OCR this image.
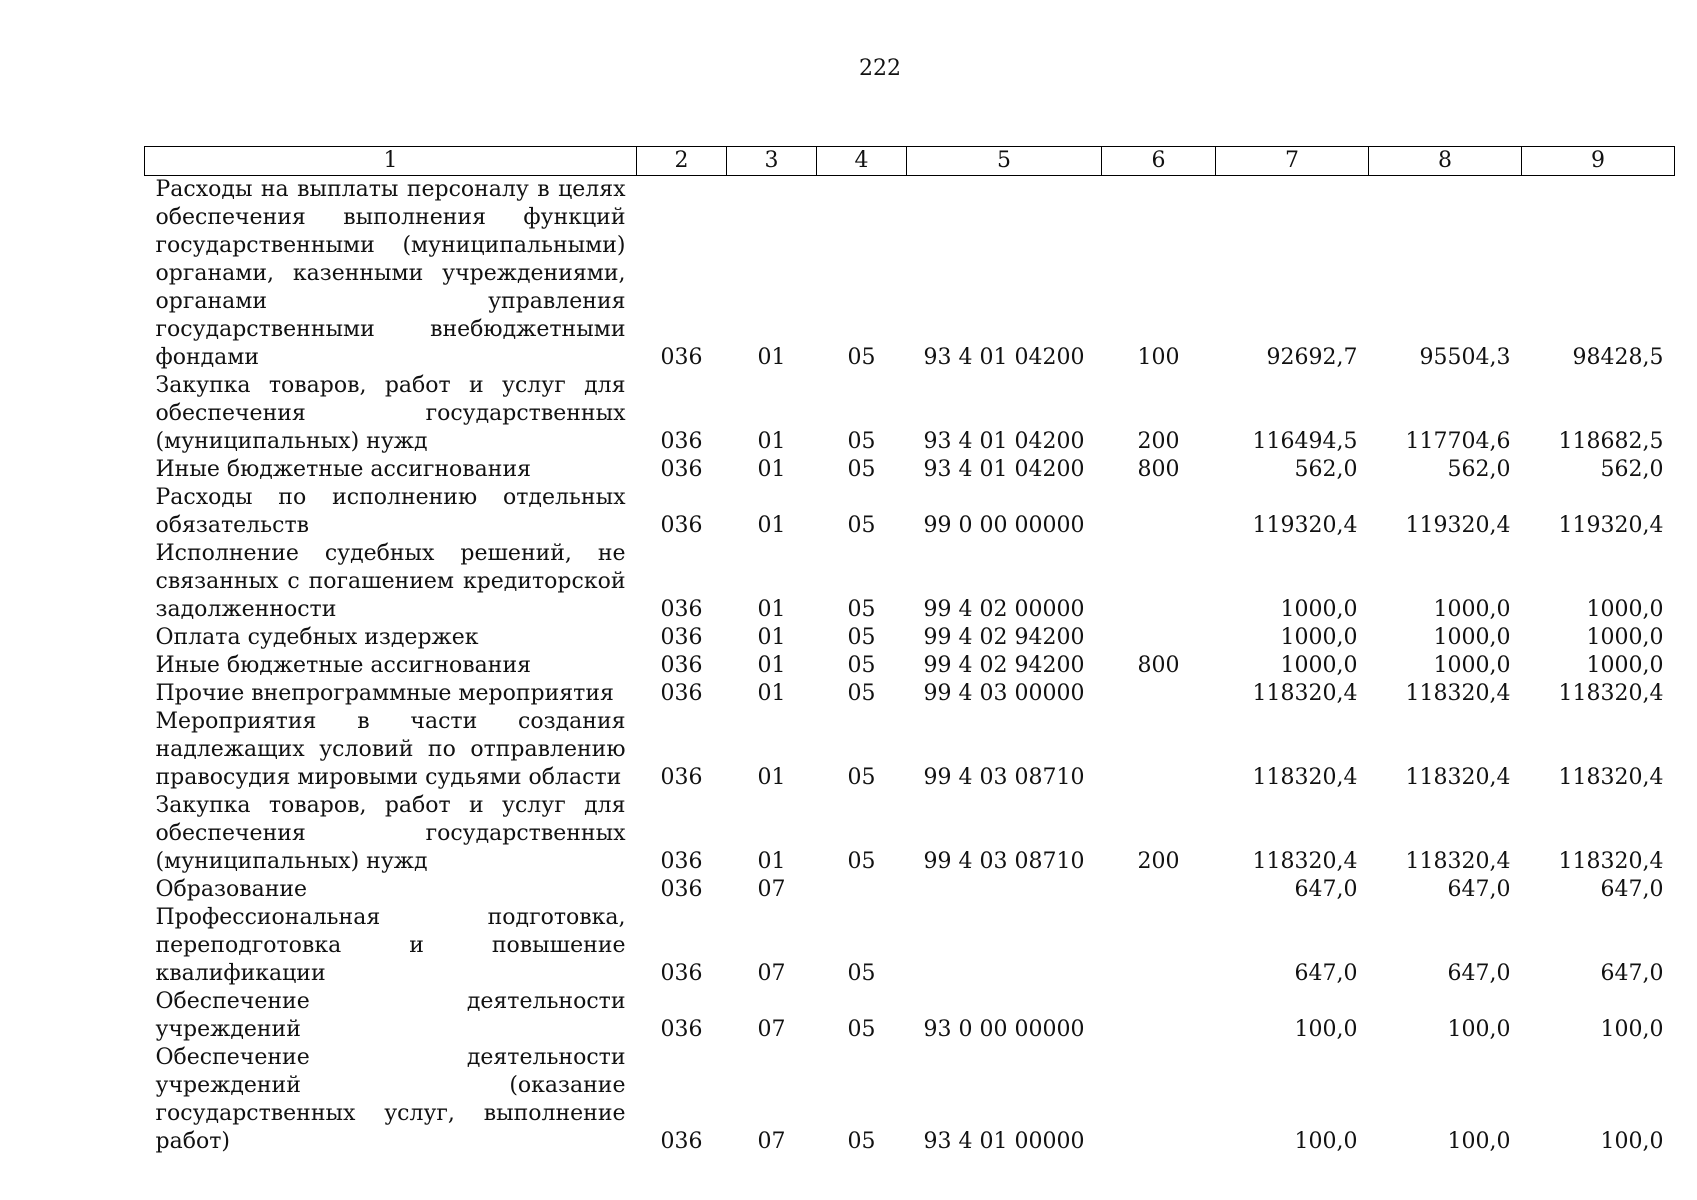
222
1	2	3	4	5	6	7	8	9
Расходы на выплаты персоналу в целях обеспечения выполнения функций государственными (муниципальными) органами, казенными учреждениями, органами управления государственными внебюджетными фондами	036	01	05	93 4 01 04200	100	92692,7	95504,3	98428,5
Закупка товаров, работ и услуг для обеспечения государственных (муниципальных) нужд	036	01	05	93 4 01 04200	200	116494,5	117704,6	118682,5
Иные бюджетные ассигнования	036	01	05	93 4 01 04200	800	562,0	562,0	562,0
Расходы по исполнению отдельных обязательств	036	01	05	99 0 00 00000		119320,4	119320,4	119320,4
Исполнение судебных решений, не связанных с погашением кредиторской задолженности	036	01	05	99 4 02 00000		1000,0	1000,0	1000,0
Оплата судебных издержек	036	01	05	99 4 02 94200		1000,0	1000,0	1000,0
Иные бюджетные ассигнования	036	01	05	99 4 02 94200	800	1000,0	1000,0	1000,0
Прочие внепрограммные мероприятия	036	01	05	99 4 03 00000		118320,4	118320,4	118320,4
Мероприятия в части создания надлежащих условий по отправлению правосудия мировыми судьями области	036	01	05	99 4 03 08710		118320,4	118320,4	118320,4
Закупка товаров, работ и услуг для обеспечения государственных (муниципальных) нужд	036	01	05	99 4 03 08710	200	118320,4	118320,4	118320,4
Образование	036	07				647,0	647,0	647,0
Профессиональная подготовка, переподготовка и повышение квалификации	036	07	05			647,0	647,0	647,0
Обеспечение деятельности учреждений	036	07	05	93 0 00 00000		100,0	100,0	100,0
Обеспечение деятельности учреждений (оказание государственных услуг, выполнение работ)	036	07	05	93 4 01 00000		100,0	100,0	100,0
